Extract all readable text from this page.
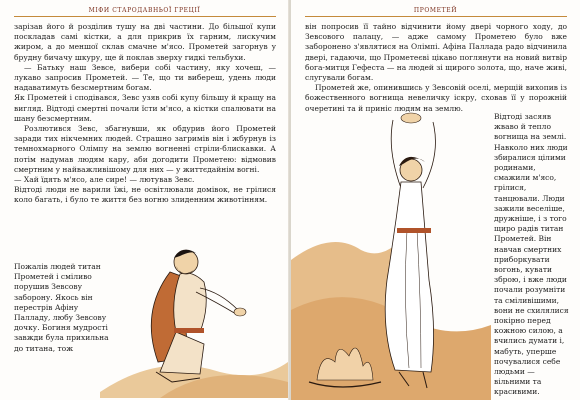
МІФИ СТАРОДАВНЬОЇ ГРЕЦІЇ

зарізав його й розділив тушу на дві частини. До більшої купи поскладав самі кістки, а для прикрив їх гарним, лискучим жиром, а до меншої склав смачне м'ясо. Прометей загорнув у брудну бичачу шкуру, ще й поклав зверху гидкі тельбухи.

— Батьку наш Зевсе, вибери собі частину, яку хочеш, — лукаво запросив Прометей. — Те, що ти вибереш, удень люди надаватимуть безсмертним богам.

Як Прометей і сподівався, Зевс узяв собі купу більшу й кращу на вигляд. Відтоді смертні почали їсти м'ясо, а кістки спалювати на шану безсмертним.

Розлютився Зевс, збагнувши, як обдурив його Прометей заради тих нікчемних людей. Страшно загримів він і жбурнув із темнохмарного Олімпу на землю вогненні стріли-блискавки. А потім надумав людям кару, аби догодити Прометею: відмовив смертним у найважливішому для них — у життєдайнім вогні.

— Хай їдять м'ясо, але сире! — лютував Зевс.

Відтоді люди не варили їжі, не освітлювали домівок, не грілися коло багать, і було те життя без вогню злиденним животінням.

Пожалів людей титан Прометей і сміливо порушив Зевсову заборону. Якось він перестрів Афіну Палладу, любу Зевсову дочку. Богиня мудрості завжди була прихильна до титана, тож

ПРОМЕТЕЙ

він попросив її тайно відчинити йому двері чорного ходу, до Зевсового палацу, — адже самому Прометею було вже заборонено з'являтися на Олімпі. Афіна Паллада радо відчинила двері, гадаючи, що Прометеєві цікаво поглянути на новий витвір бога-митця Гефеста — на людей зі щирого золота, що, наче живі, слугували богам.

Прометей же, опинившись у Зевсовій оселі, мерщій вихопив із божественного вогнища невеличку іскру, сховав її у порожній очеретині та й приніс людям на землю.

Відтоді засяяв жваво й тепло вогнища на землі. Навколо них люди збиралися цілими родинами, смажили м'ясо, грілися, танцювали. Люди зажили веселіше, дружніше, і з того щиро радів титан Прометей. Він навчав смертних приборкувати вогонь, кувати зброю, і вже люди почали розумніти та сміливішими, вони не схилялися покірно перед кожною силою, а вчились думати і, мабуть, уперше почувалися себе людьми — вільними та красивими.
